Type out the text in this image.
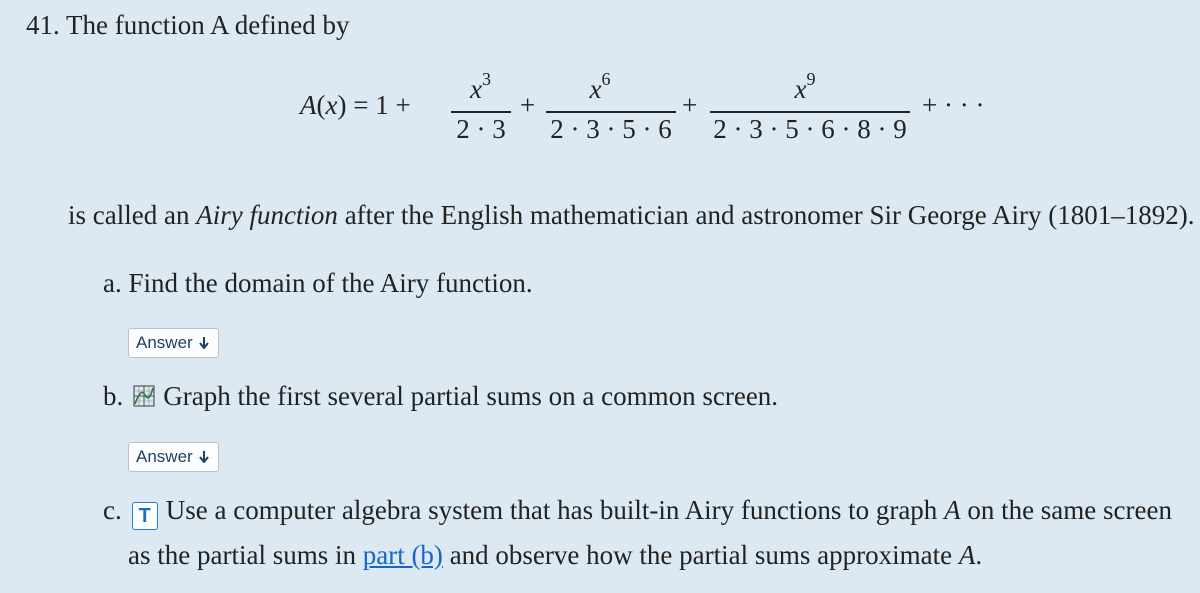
41. The function A defined by
A(x) = 1 +
$x^3$
2 · 3
+
$x^6$
2 · 3 · 5 · 6
+
$x^9$
2 · 3 · 5 · 6 · 8 · 9
+ · · ·
is called an Airy function after the English mathematician and astronomer Sir George Airy (1801–1892).
a. Find the domain of the Airy function.
Answer
b. Graph the first several partial sums on a common screen.
Answer
c. T Use a computer algebra system that has built-in Airy functions to graph A on the same screen
as the partial sums in part (b) and observe how the partial sums approximate A.
